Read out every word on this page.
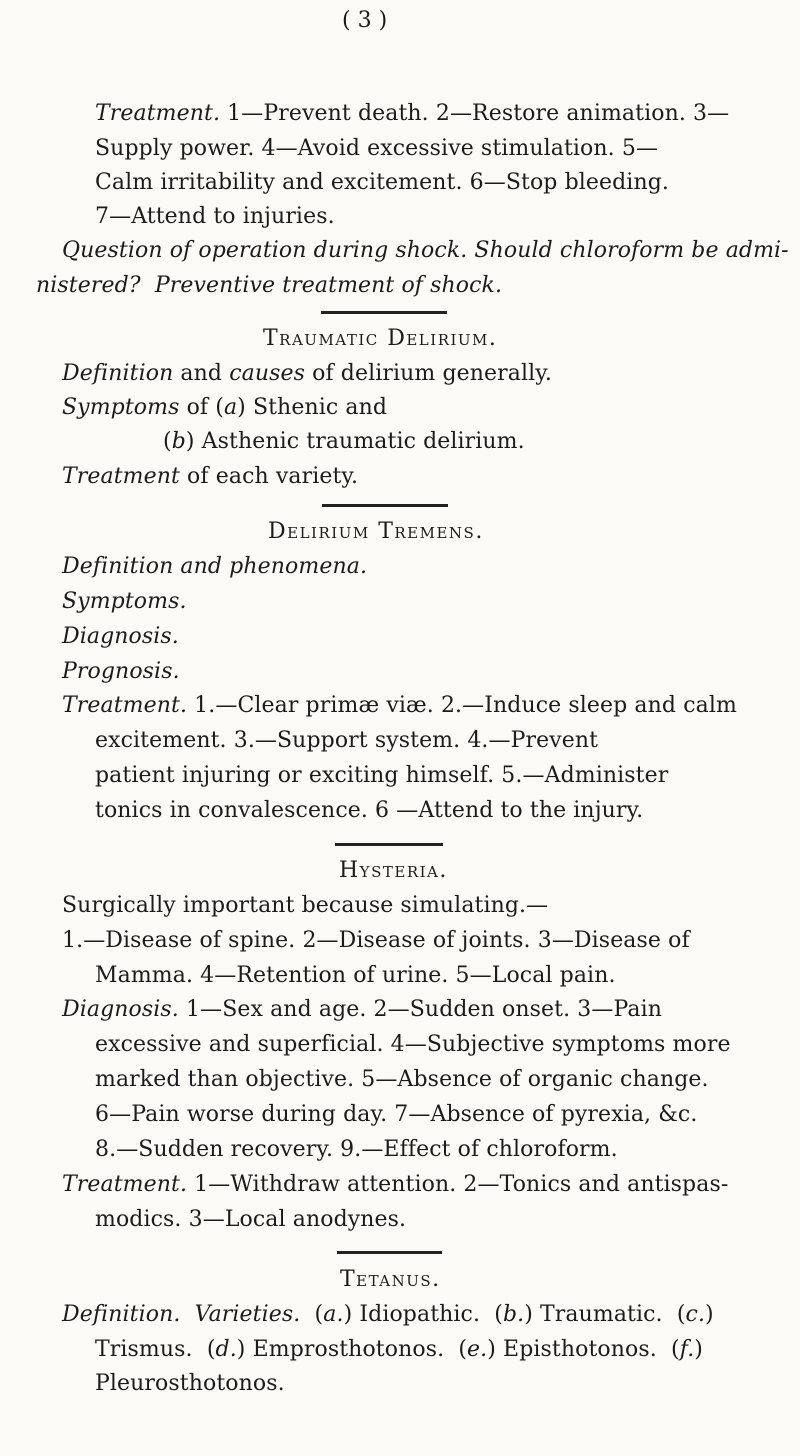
( 3 )
Treatment. 1—Prevent death. 2—Restore animation. 3—
Supply power. 4—Avoid excessive stimulation. 5—
Calm irritability and excitement. 6—Stop bleeding.
7—Attend to injuries.
Question of operation during shock. Should chloroform be admi-
nistered? Preventive treatment of shock.
Traumatic Delirium.
Definition and causes of delirium generally.
Symptoms of (a) Sthenic and
(b) Asthenic traumatic delirium.
Treatment of each variety.
Delirium Tremens.
Definition and phenomena.
Symptoms.
Diagnosis.
Prognosis.
Treatment. 1.—Clear primæ viæ. 2.—Induce sleep and calm
excitement. 3.—Support system. 4.—Prevent
patient injuring or exciting himself. 5.—Administer
tonics in convalescence. 6 —Attend to the injury.
Hysteria.
Surgically important because simulating.—
1.—Disease of spine. 2—Disease of joints. 3—Disease of
Mamma. 4—Retention of urine. 5—Local pain.
Diagnosis. 1—Sex and age. 2—Sudden onset. 3—Pain
excessive and superficial. 4—Subjective symptoms more
marked than objective. 5—Absence of organic change.
6—Pain worse during day. 7—Absence of pyrexia, &c.
8.—Sudden recovery. 9.—Effect of chloroform.
Treatment. 1—Withdraw attention. 2—Tonics and antispas-
modics. 3—Local anodynes.
Tetanus.
Definition. Varieties.  (a.) Idiopathic.  (b.) Traumatic.  (c.)
Trismus.  (d.) Emprosthotonos.  (e.) Episthotonos.  (f.)
Pleurosthotonos.
